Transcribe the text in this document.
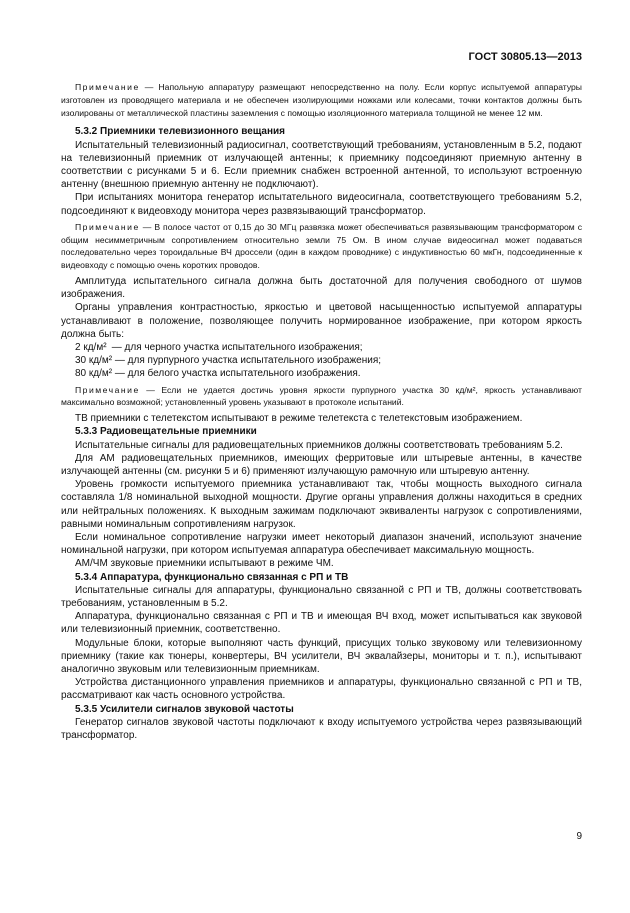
ГОСТ 30805.13—2013

Примечание — Напольную аппаратуру размещают непосредственно на полу. Если корпус испытуемой аппаратуры изготовлен из проводящего материала и не обеспечен изолирующими ножками или колесами, точки контактов должны быть изолированы от металлической пластины заземления с помощью изоляционного материала толщиной не менее 12 мм.

5.3.2 Приемники телевизионного вещания

Испытательный телевизионный радиосигнал, соответствующий требованиям, установленным в 5.2, подают на телевизионный приемник от излучающей антенны; к приемнику подсоединяют приемную антенну в соответствии с рисунками 5 и 6. Если приемник снабжен встроенной антенной, то используют встроенную антенну (внешнюю приемную антенну не подключают).

При испытаниях монитора генератор испытательного видеосигнала, соответствующего требованиям 5.2, подсоединяют к видеовходу монитора через развязывающий трансформатор.

Примечание — В полосе частот от 0,15 до 30 МГц развязка может обеспечиваться развязывающим трансформатором с общим несимметричным сопротивлением относительно земли 75 Ом. В ином случае видеосигнал может подаваться последовательно через тороидальные ВЧ дроссели (один в каждом проводнике) с индуктивностью 60 мкГн, подсоединенные к видеовходу с помощью очень коротких проводов.

Амплитуда испытательного сигнала должна быть достаточной для получения свободного от шумов изображения.

Органы управления контрастностью, яркостью и цветовой насыщенностью испытуемой аппаратуры устанавливают в положение, позволяющее получить нормированное изображение, при котором яркость должна быть:

2 кд/м² — для черного участка испытательного изображения;

30 кд/м² — для пурпурного участка испытательного изображения;

80 кд/м² — для белого участка испытательного изображения.

Примечание — Если не удается достичь уровня яркости пурпурного участка 30 кд/м², яркость устанавливают максимально возможной; установленный уровень указывают в протоколе испытаний.

ТВ приемники с телетекстом испытывают в режиме телетекста с телетекстовым изображением.

5.3.3 Радиовещательные приемники

Испытательные сигналы для радиовещательных приемников должны соответствовать требованиям 5.2.

Для АМ радиовещательных приемников, имеющих ферритовые или штыревые антенны, в качестве излучающей антенны (см. рисунки 5 и 6) применяют излучающую рамочную или штыревую антенну.

Уровень громкости испытуемого приемника устанавливают так, чтобы мощность выходного сигнала составляла 1/8 номинальной выходной мощности. Другие органы управления должны находиться в средних или нейтральных положениях. К выходным зажимам подключают эквиваленты нагрузок с сопротивлениями, равными номинальным сопротивлениям нагрузок.

Если номинальное сопротивление нагрузки имеет некоторый диапазон значений, используют значение номинальной нагрузки, при котором испытуемая аппаратура обеспечивает максимальную мощность.

АМ/ЧМ звуковые приемники испытывают в режиме ЧМ.

5.3.4 Аппаратура, функционально связанная с РП и ТВ

Испытательные сигналы для аппаратуры, функционально связанной с РП и ТВ, должны соответствовать требованиям, установленным в 5.2.

Аппаратура, функционально связанная с РП и ТВ и имеющая ВЧ вход, может испытываться как звуковой или телевизионный приемник, соответственно.

Модульные блоки, которые выполняют часть функций, присущих только звуковому или телевизионному приемнику (такие как тюнеры, конвертеры, ВЧ усилители, ВЧ эквалайзеры, мониторы и т. п.), испытывают аналогично звуковым или телевизионным приемникам.

Устройства дистанционного управления приемников и аппаратуры, функционально связанной с РП и ТВ, рассматривают как часть основного устройства.

5.3.5 Усилители сигналов звуковой частоты

Генератор сигналов звуковой частоты подключают к входу испытуемого устройства через развязывающий трансформатор.

9
